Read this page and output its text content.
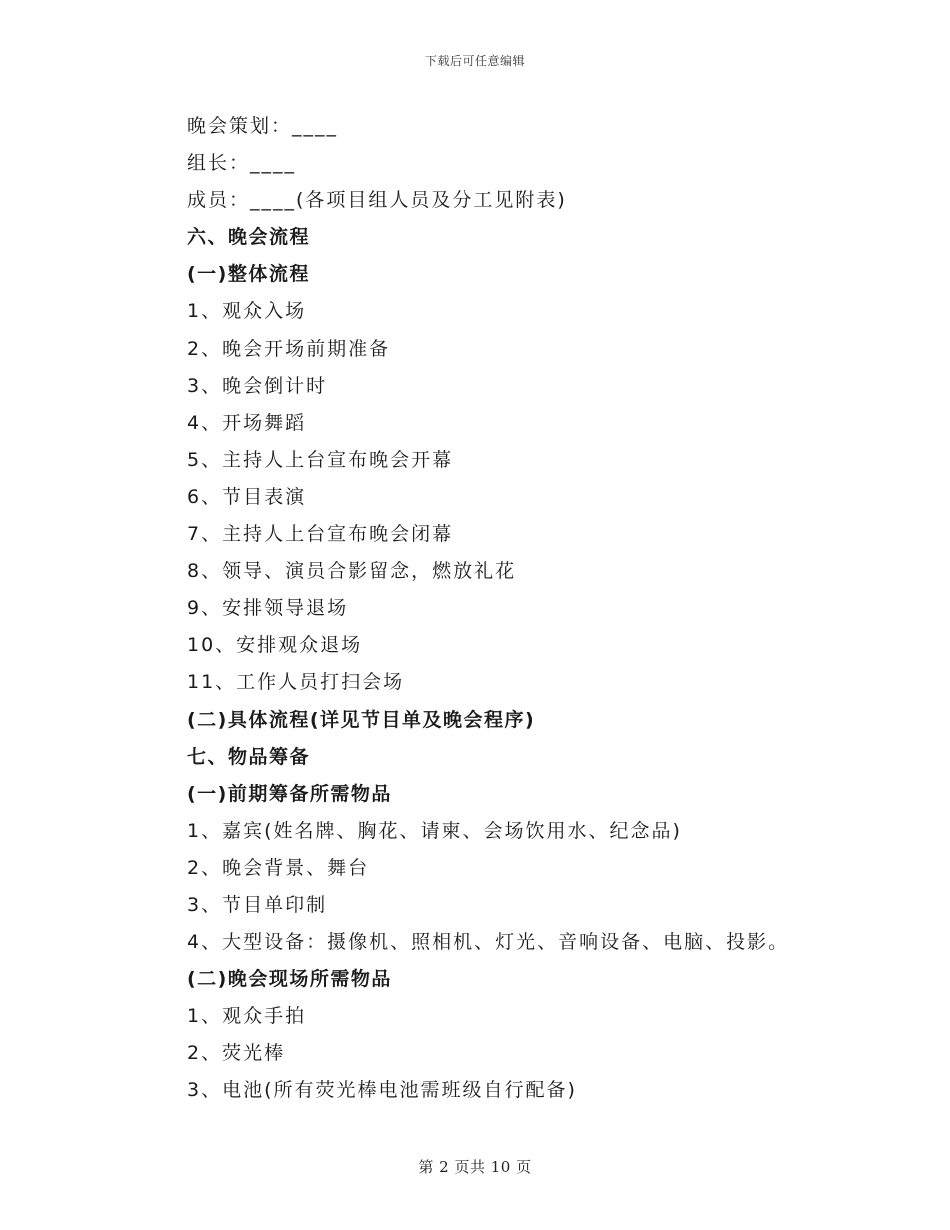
下载后可任意编辑
晚会策划：____
组长：____
成员：____(各项目组人员及分工见附表)
六、晚会流程
(一)整体流程
1、观众入场
2、晚会开场前期准备
3、晚会倒计时
4、开场舞蹈
5、主持人上台宣布晚会开幕
6、节目表演
7、主持人上台宣布晚会闭幕
8、领导、演员合影留念，燃放礼花
9、安排领导退场
10、安排观众退场
11、工作人员打扫会场
(二)具体流程(详见节目单及晚会程序)
七、物品筹备
(一)前期筹备所需物品
1、嘉宾(姓名牌、胸花、请柬、会场饮用水、纪念品)
2、晚会背景、舞台
3、节目单印制
4、大型设备：摄像机、照相机、灯光、音响设备、电脑、投影。
(二)晚会现场所需物品
1、观众手拍
2、荧光棒
3、电池(所有荧光棒电池需班级自行配备)
第 2 页共 10 页
